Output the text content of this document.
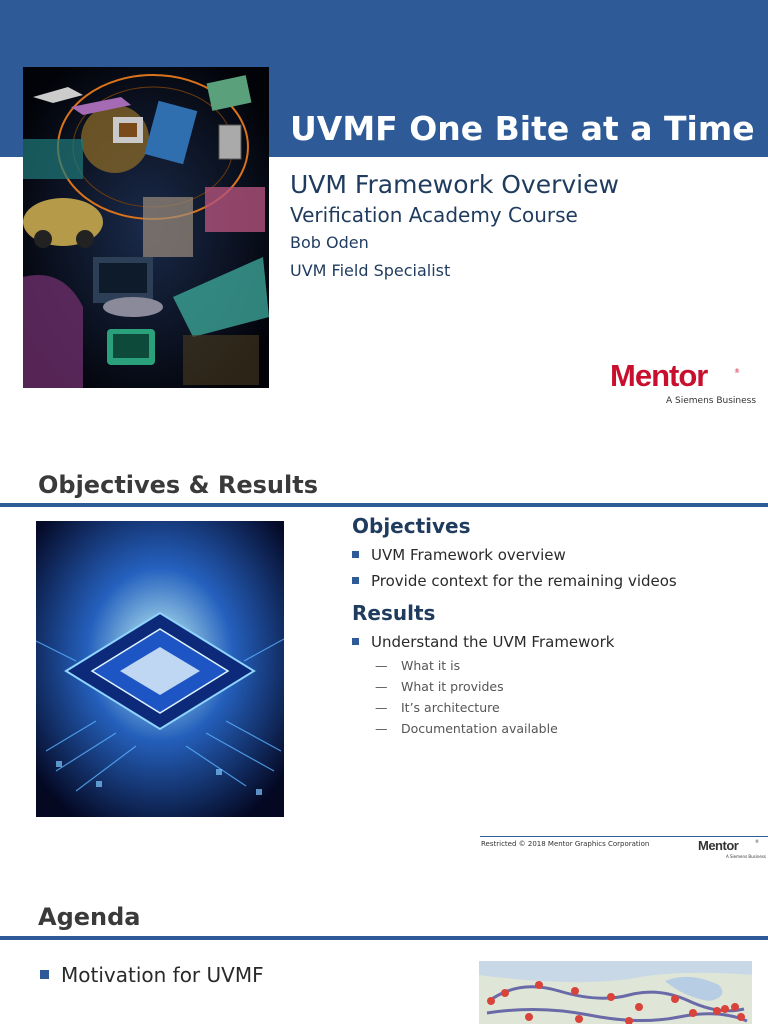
UVMF One Bite at a Time
UVM Framework Overview
Verification Academy Course
Bob Oden
UVM Field Specialist
Mentor	®
A Siemens Business
Objectives & Results
Objectives
UVM Framework overview
Provide context for the remaining videos
Results
Understand the UVM Framework
— What it is
— What it provides
— It’s architecture
— Documentation available
Restricted © 2018 Mentor Graphics Corporation	Mentor	®
A Siemens Business
Agenda
Motivation for UVMF
